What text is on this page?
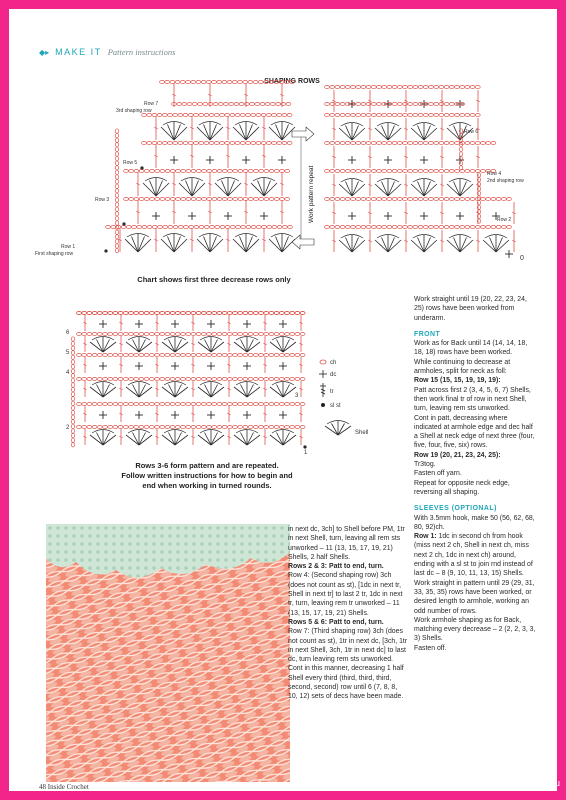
◆▸ MAKE IT Pattern instructions
SHAPING ROWS
Row 7
3rd shaping row
Row 5
Row 3
Row 1
First shaping row
Row 6
Row 4
2nd shaping row
Row 2
0
Work pattern repeat
Chart shows first three decrease rows only
6
5
4
3
2
1
ch
dc
tr
sl st
Shell
Rows 3-6 form pattern and are repeated.
Follow written instructions for how to begin and
end when working in turned rounds.

in next dc, 3ch] to Shell before PM, 1tr in next Shell, turn, leaving all rem sts unworked – 11 (13, 15, 17, 19, 21) Shells, 2 half Shells.

Rows 2 & 3: Patt to end, turn.

Row 4: (Second shaping row) 3ch (does not count as st), [1dc in next tr, Shell in next tr] to last 2 tr, 1dc in next tr, turn, leaving rem tr unworked – 11 (13, 15, 17, 19, 21) Shells.

Rows 5 & 6: Patt to end, turn.

Row 7: (Third shaping row) 3ch (does not count as st), 1tr in next dc, [3ch, 1tr in next Shell, 3ch, 1tr in next dc] to last dc, turn leaving rem sts unworked.

Cont in this manner, decreasing 1 half Shell every third (third, third, third, second, second) row until 6 (7, 8, 8, 10, 12) sets of decs have been made.

Work straight until 19 (20, 22, 23, 24, 25) rows have been worked from underarm.

FRONT

Work as for Back until 14 (14, 14, 18, 18, 18) rows have been worked.

While continuing to decrease at armholes, split for neck as foll:

Row 15 (15, 15, 19, 19, 19):

Patt across first 2 (3, 4, 5, 6, 7) Shells, then work final tr of row in next Shell, turn, leaving rem sts unworked.

Cont in patt, decreasing where indicated at armhole edge and dec half a Shell at neck edge of next three (four, five, four, five, six) rows.

Row 19 (20, 21, 23, 24, 25):

Tr3tog.

Fasten off yarn.

Repeat for opposite neck edge, reversing all shaping.

SLEEVES (OPTIONAL)

With 3.5mm hook, make 50 (56, 62, 68, 80, 92)ch.

Row 1: 1dc in second ch from hook (miss next 2 ch, Shell in next ch, miss next 2 ch, 1dc in next ch) around, ending with a sl st to join rnd instead of last dc – 8 (9, 10, 11, 13, 15) Shells.

Work straight in pattern until 29 (29, 31, 33, 35, 35) rows have been worked, or desired length to armhole, working an odd number of rows.

Work armhole shaping as for Back, matching every decrease – 2 (2, 2, 3, 3, 3) Shells.

Fasten off.

48 Inside Crochet	PassionForum.ru
